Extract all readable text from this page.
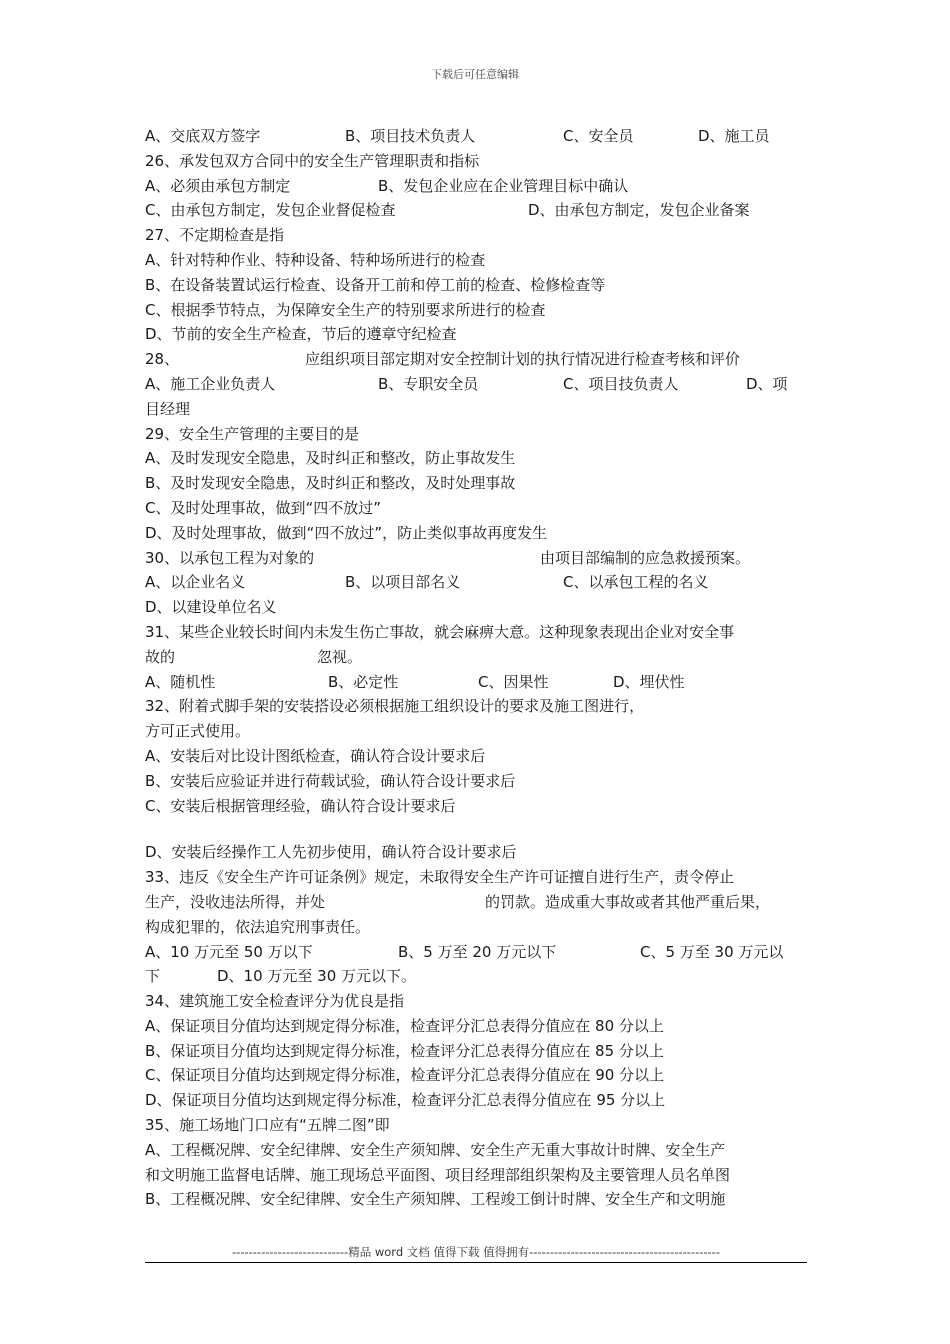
下载后可任意编辑
A、交底双方签字	B、项目技术负责人	C、安全员	D、施工员
26、承发包双方合同中的安全生产管理职责和指标
A、必须由承包方制定	B、发包企业应在企业管理目标中确认
C、由承包方制定，发包企业督促检查	D、由承包方制定，发包企业备案
27、不定期检查是指
A、针对特种作业、特种设备、特种场所进行的检查
B、在设备装置试运行检查、设备开工前和停工前的检查、检修检查等
C、根据季节特点，为保障安全生产的特别要求所进行的检查
D、节前的安全生产检查，节后的遵章守纪检查
28、	应组织项目部定期对安全控制计划的执行情况进行检查考核和评价
A、施工企业负责人	B、专职安全员	C、项目技负责人	D、项
目经理
29、安全生产管理的主要目的是
A、及时发现安全隐患，及时纠正和整改，防止事故发生
B、及时发现安全隐患，及时纠正和整改，及时处理事故
C、及时处理事故，做到“四不放过”
D、及时处理事故，做到“四不放过”，防止类似事故再度发生
30、以承包工程为对象的	由项目部编制的应急救援预案。
A、以企业名义	B、以项目部名义	C、以承包工程的名义
D、以建设单位名义
31、某些企业较长时间内未发生伤亡事故，就会麻痹大意。这种现象表现出企业对安全事
故的	忽视。
A、随机性	B、必定性	C、因果性	D、埋伏性
32、附着式脚手架的安装搭设必须根据施工组织设计的要求及施工图进行，
方可正式使用。
A、安装后对比设计图纸检查，确认符合设计要求后
B、安装后应验证并进行荷载试验，确认符合设计要求后
C、安装后根据管理经验，确认符合设计要求后
D、安装后经操作工人先初步使用，确认符合设计要求后
33、违反《安全生产许可证条例》规定，未取得安全生产许可证擅自进行生产，责令停止
生产，没收违法所得，并处	的罚款。造成重大事故或者其他严重后果，
构成犯罪的，依法追究刑事责任。
A、10 万元至 50 万以下	B、5 万至 20 万元以下	C、5 万至 30 万元以
下	D、10 万元至 30 万元以下。
34、建筑施工安全检查评分为优良是指
A、保证项目分值均达到规定得分标准，检查评分汇总表得分值应在 80 分以上
B、保证项目分值均达到规定得分标准，检查评分汇总表得分值应在 85 分以上
C、保证项目分值均达到规定得分标准，检查评分汇总表得分值应在 90 分以上
D、保证项目分值均达到规定得分标准，检查评分汇总表得分值应在 95 分以上
35、施工场地门口应有“五牌二图”即
A、工程概况牌、安全纪律牌、安全生产须知牌、安全生产无重大事故计时牌、安全生产
和文明施工监督电话牌、施工现场总平面图、项目经理部组织架构及主要管理人员名单图
B、工程概况牌、安全纪律牌、安全生产须知牌、工程竣工倒计时牌、安全生产和文明施
----------------------------精品 word 文档 值得下载 值得拥有----------------------------------------------
